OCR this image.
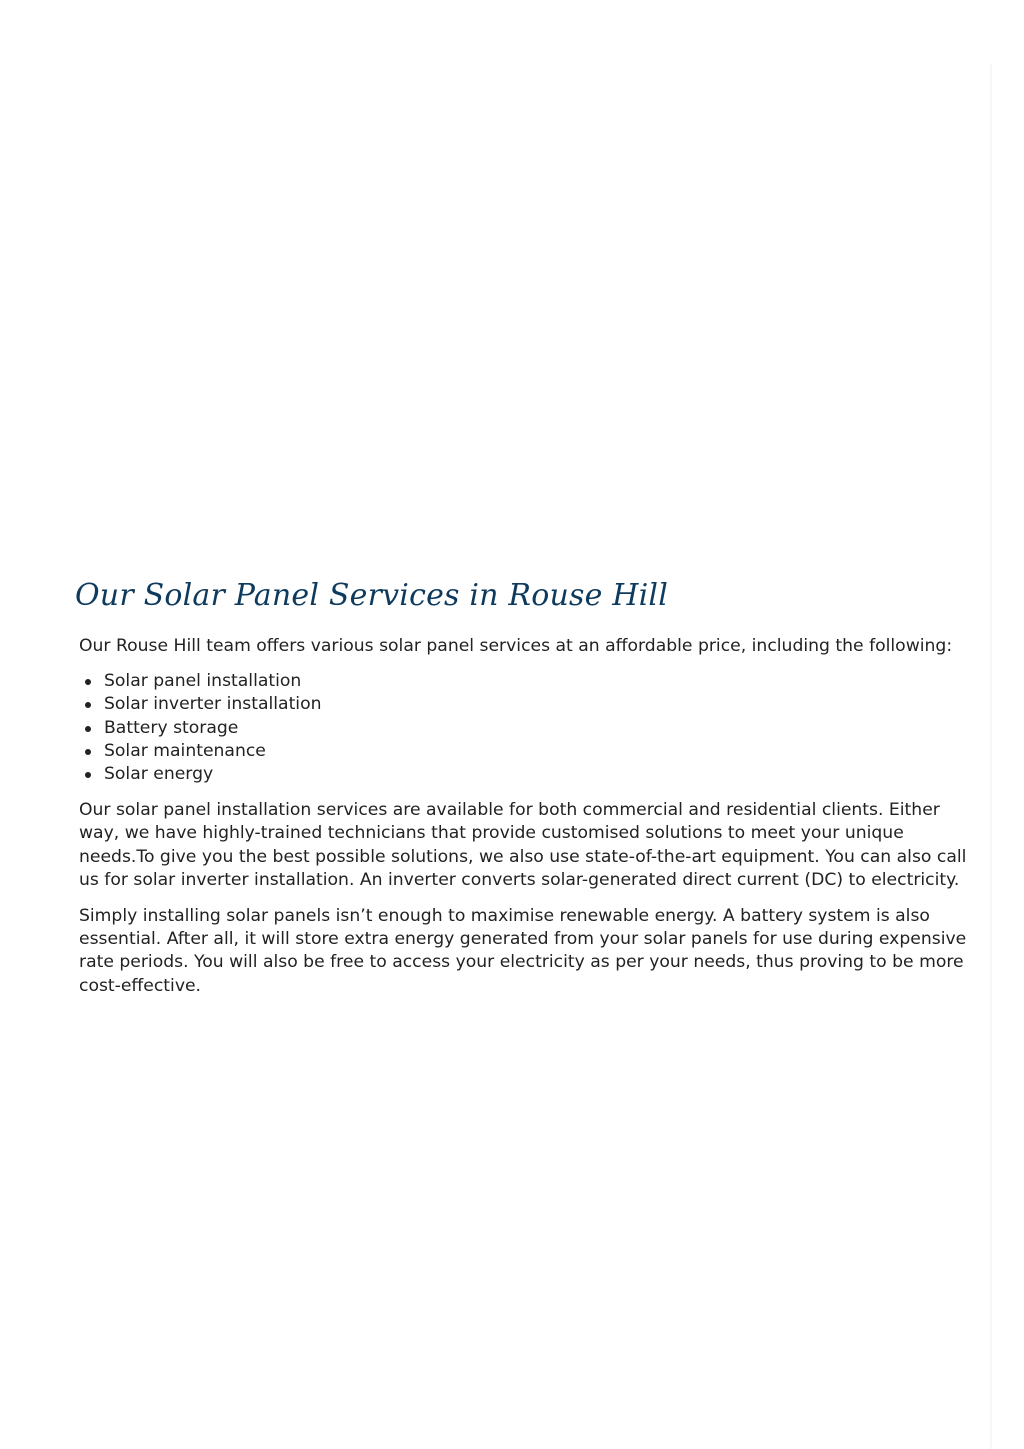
Our Solar Panel Services in Rouse Hill

Our Rouse Hill team offers various solar panel services at an affordable price, including the following:

Solar panel installation
Solar inverter installation
Battery storage
Solar maintenance
Solar energy

Our solar panel installation services are available for both commercial and residential clients. Either way, we have highly-trained technicians that provide customised solutions to meet your unique needs.To give you the best possible solutions, we also use state-of-the-art equipment. You can also call us for solar inverter installation. An inverter converts solar-generated direct current (DC) to electricity.

Simply installing solar panels isn’t enough to maximise renewable energy. A battery system is also essential. After all, it will store extra energy generated from your solar panels for use during expensive rate periods. You will also be free to access your electricity as per your needs, thus proving to be more cost-effective.
